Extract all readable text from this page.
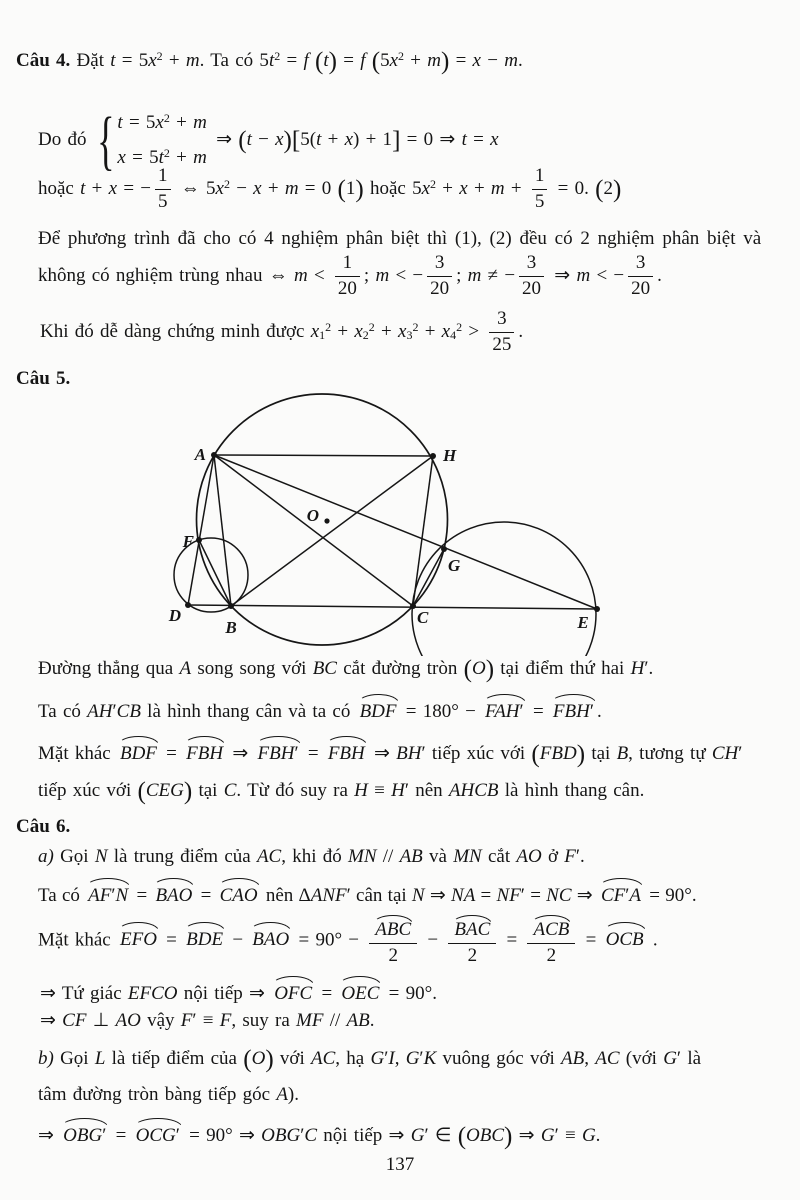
Câu 4. Đặt $t = 5x^2 + m$. Ta có $5t^2 = f$ (t) = f $(5x^2 + m) = x - m$.
Do đó { $t = 5x^2 + m$
$x = 5t^2 + m$
⇒ (t − x)[5(t + x) + 1] = 0 ⇒ t = x
hoặc t + x = − $\frac{1}{5}$ ⇔ $5x^2 - x + m = 0$ (1) hoặc $5x^2 + x + m + \frac{1}{5} = 0$. (2)
Để phương trình đã cho có 4 nghiệm phân biệt thì (1), (2) đều có 2 nghiệm phân biệt và
không có nghiệm trùng nhau ⇔ $m < \frac{1}{20}$ ; m < − $\frac{3}{20}$ ; m ≠ − $\frac{3}{20}$ ⇒ m < − $\frac{3}{20}$ .
Khi đó dễ dàng chứng minh được $x_1^2 + x_2^2 + x_3^2 + x_4^2 > \frac{3}{25}$ .
Câu 5.
Đường thẳng qua A song song với BC cắt đường tròn (O) tại điểm thứ hai H′.
Ta có AH′CB là hình thang cân và ta có BDF = 180° − FAH′ = FBH′ .
Mặt khác BDF = FBH ⇒ FBH′ = FBH ⇒ BH′ tiếp xúc với (FBD) tại B, tương tự CH′
tiếp xúc với (CEG) tại C. Từ đó suy ra H ≡ H′ nên AHCB là hình thang cân.
Câu 6.
a) Gọi N là trung điểm của AC, khi đó MN // AB và MN cắt AO ở F′.
Ta có AF′N = BAO = CAO nên ΔANF′ cân tại N ⇒ NA = NF′ = NC ⇒ CF′A = 90°.
Mặt khác EFO = BDE − BAO = 90° − ABC
2
− BAC
2
= ACB
2
= OCB .
⇒ Tứ giác EFCO nội tiếp ⇒ OFC = OEC = 90°.
⇒ CF ⊥ AO vậy F′ ≡ F, suy ra MF // AB.
b) Gọi L là tiếp điểm của (O) với AC, hạ G′I, G′K vuông góc với AB, AC (với G′ là
tâm đường tròn bàng tiếp góc A).
⇒ OBG′ = OCG′ = 90° ⇒ OBG′C nội tiếp ⇒ G′ ∈ (OBC) ⇒ G′ ≡ G.
137
A	H
O
F
D
B
C
G
E
